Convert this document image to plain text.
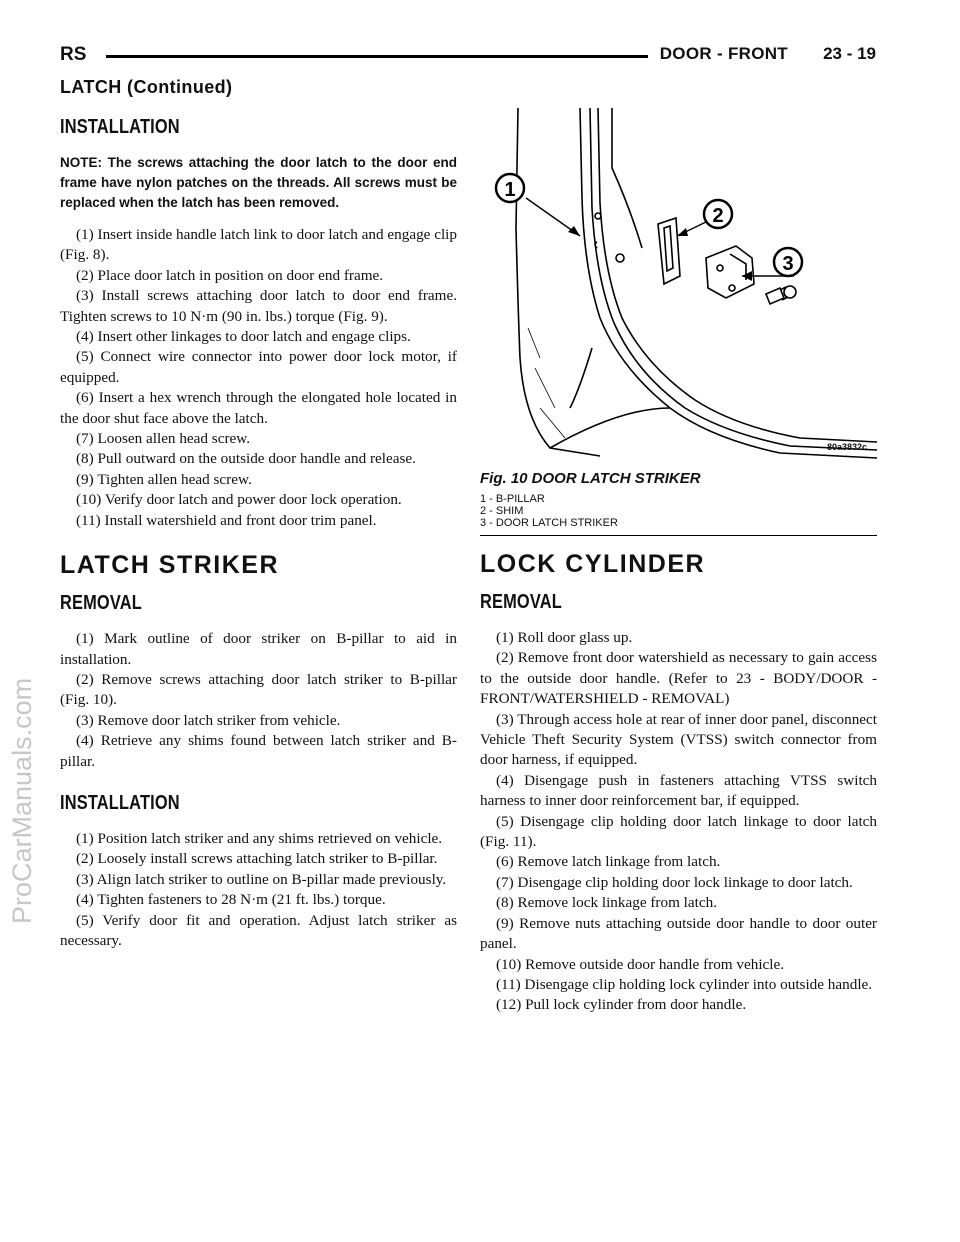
ProCarManuals.com
RS	DOOR - FRONT 23 - 19
LATCH (Continued)
INSTALLATION
NOTE: The screws attaching the door latch to the door end frame have nylon patches on the threads. All screws must be replaced when the latch has been removed.

(1) Insert inside handle latch link to door latch and engage clip (Fig. 8).

(2) Place door latch in position on door end frame.

(3) Install screws attaching door latch to door end frame. Tighten screws to 10 N·m (90 in. lbs.) torque (Fig. 9).

(4) Insert other linkages to door latch and engage clips.

(5) Connect wire connector into power door lock motor, if equipped.

(6) Insert a hex wrench through the elongated hole located in the door shut face above the latch.

(7) Loosen allen head screw.

(8) Pull outward on the outside door handle and release.

(9) Tighten allen head screw.

(10) Verify door latch and power door lock operation.

(11) Install watershield and front door trim panel.

LATCH STRIKER
REMOVAL

(1) Mark outline of door striker on B-pillar to aid in installation.

(2) Remove screws attaching door latch striker to B-pillar (Fig. 10).

(3) Remove door latch striker from vehicle.

(4) Retrieve any shims found between latch striker and B-pillar.

INSTALLATION

(1) Position latch striker and any shims retrieved on vehicle.

(2) Loosely install screws attaching latch striker to B-pillar.

(3) Align latch striker to outline on B-pillar made previously.

(4) Tighten fasteners to 28 N·m (21 ft. lbs.) torque.

(5) Verify door fit and operation. Adjust latch striker as necessary.

1
2
3
80a3832c
Fig. 10 DOOR LATCH STRIKER
1 - B-PILLAR
2 - SHIM
3 - DOOR LATCH STRIKER
LOCK CYLINDER
REMOVAL

(1) Roll door glass up.

(2) Remove front door watershield as necessary to gain access to the outside door handle. (Refer to 23 - BODY/DOOR - FRONT/WATERSHIELD - REMOVAL)

(3) Through access hole at rear of inner door panel, disconnect Vehicle Theft Security System (VTSS) switch connector from door harness, if equipped.

(4) Disengage push in fasteners attaching VTSS switch harness to inner door reinforcement bar, if equipped.

(5) Disengage clip holding door latch linkage to door latch (Fig. 11).

(6) Remove latch linkage from latch.

(7) Disengage clip holding door lock linkage to door latch.

(8) Remove lock linkage from latch.

(9) Remove nuts attaching outside door handle to door outer panel.

(10) Remove outside door handle from vehicle.

(11) Disengage clip holding lock cylinder into outside handle.

(12) Pull lock cylinder from door handle.
